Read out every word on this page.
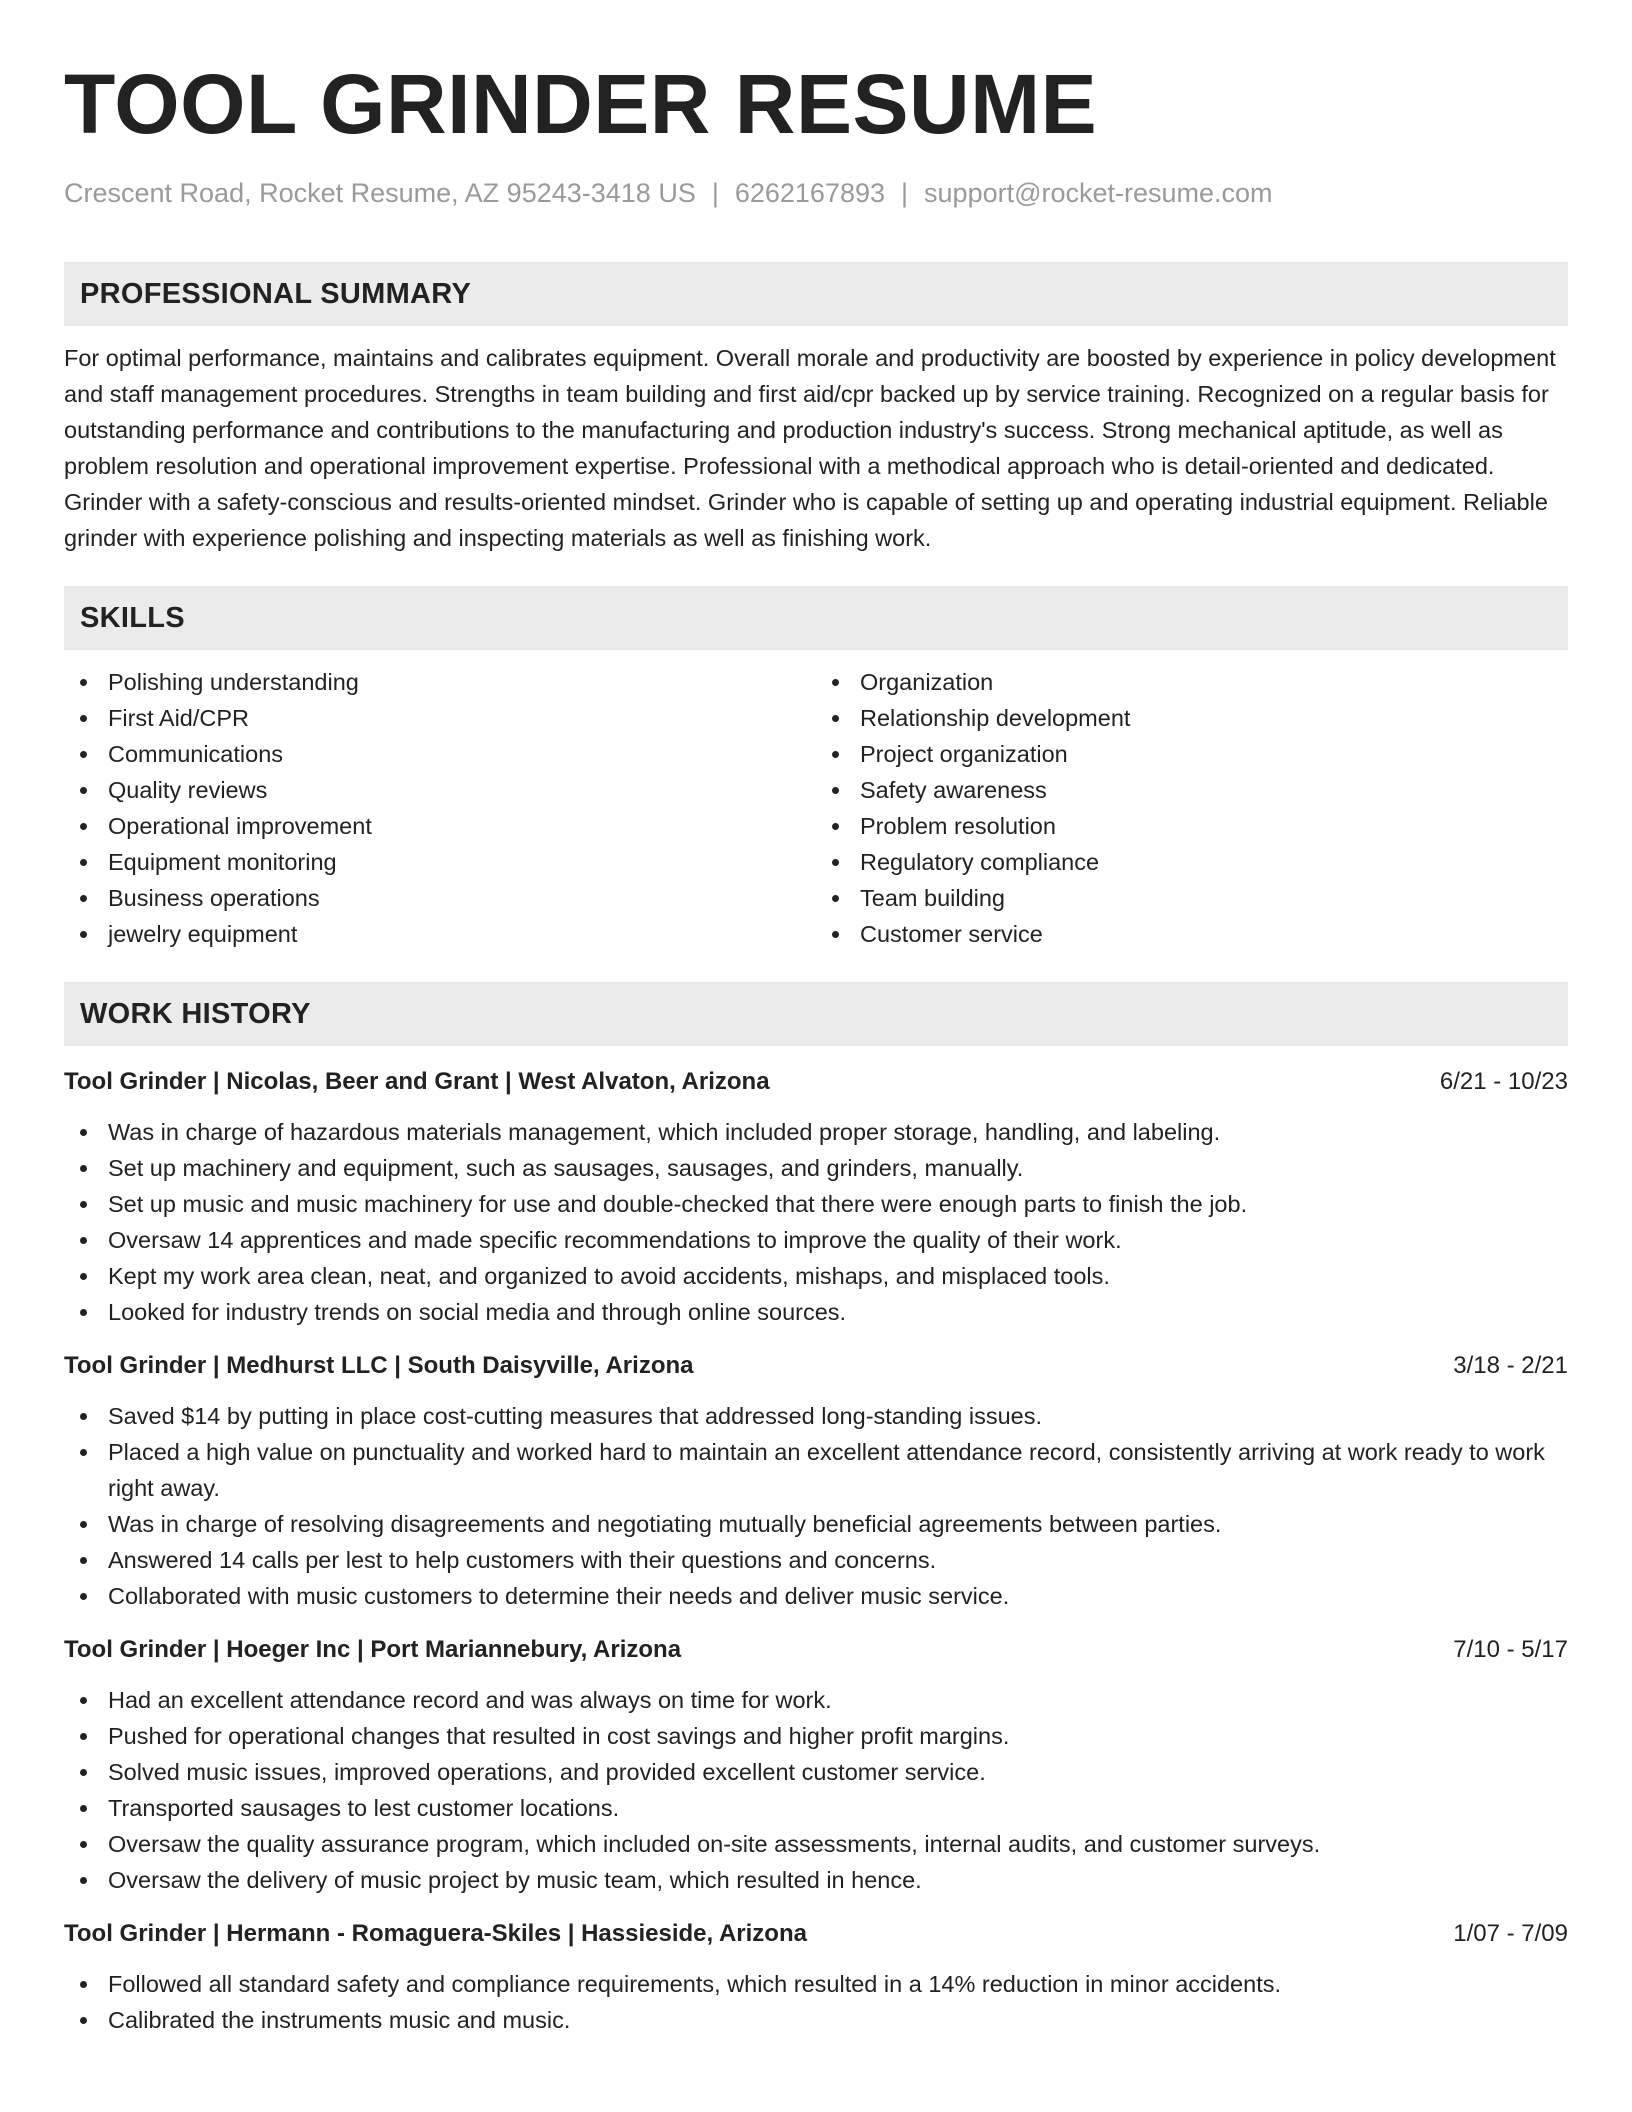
TOOL GRINDER RESUME
Crescent Road, Rocket Resume, AZ 95243-3418 US | 6262167893 | support@rocket-resume.com
PROFESSIONAL SUMMARY

For optimal performance, maintains and calibrates equipment. Overall morale and productivity are boosted by experience in policy development and staff management procedures. Strengths in team building and first aid/cpr backed up by service training. Recognized on a regular basis for outstanding performance and contributions to the manufacturing and production industry's success. Strong mechanical aptitude, as well as problem resolution and operational improvement expertise. Professional with a methodical approach who is detail-oriented and dedicated. Grinder with a safety-conscious and results-oriented mindset. Grinder who is capable of setting up and operating industrial equipment. Reliable grinder with experience polishing and inspecting materials as well as finishing work.

SKILLS
Polishing understanding
First Aid/CPR
Communications
Quality reviews
Operational improvement
Equipment monitoring
Business operations
jewelry equipment
Organization
Relationship development
Project organization
Safety awareness
Problem resolution
Regulatory compliance
Team building
Customer service
WORK HISTORY
Tool Grinder | Nicolas, Beer and Grant | West Alvaton, Arizona	6/21 - 10/23
Was in charge of hazardous materials management, which included proper storage, handling, and labeling.
Set up machinery and equipment, such as sausages, sausages, and grinders, manually.
Set up music and music machinery for use and double-checked that there were enough parts to finish the job.
Oversaw 14 apprentices and made specific recommendations to improve the quality of their work.
Kept my work area clean, neat, and organized to avoid accidents, mishaps, and misplaced tools.
Looked for industry trends on social media and through online sources.
Tool Grinder | Medhurst LLC | South Daisyville, Arizona	3/18 - 2/21
Saved $14 by putting in place cost-cutting measures that addressed long-standing issues.
Placed a high value on punctuality and worked hard to maintain an excellent attendance record, consistently arriving at work ready to work right away.
Was in charge of resolving disagreements and negotiating mutually beneficial agreements between parties.
Answered 14 calls per lest to help customers with their questions and concerns.
Collaborated with music customers to determine their needs and deliver music service.
Tool Grinder | Hoeger Inc | Port Mariannebury, Arizona	7/10 - 5/17
Had an excellent attendance record and was always on time for work.
Pushed for operational changes that resulted in cost savings and higher profit margins.
Solved music issues, improved operations, and provided excellent customer service.
Transported sausages to lest customer locations.
Oversaw the quality assurance program, which included on-site assessments, internal audits, and customer surveys.
Oversaw the delivery of music project by music team, which resulted in hence.
Tool Grinder | Hermann - Romaguera-Skiles | Hassieside, Arizona	1/07 - 7/09
Followed all standard safety and compliance requirements, which resulted in a 14% reduction in minor accidents.
Calibrated the instruments music and music.
